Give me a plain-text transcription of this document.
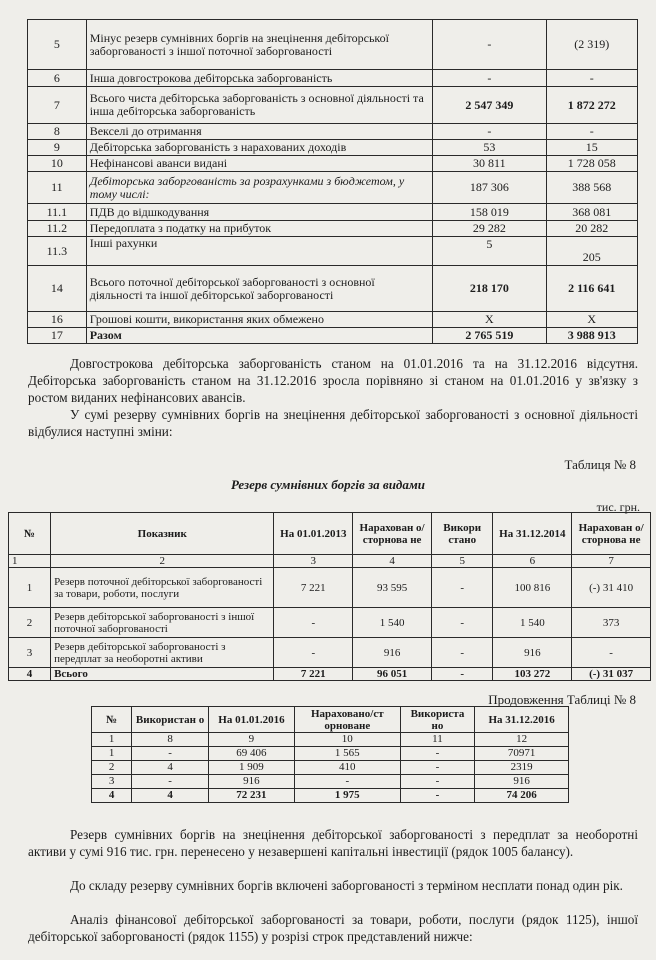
5	Мінус резерв сумнівних боргів на знецінення дебіторської заборгованості з іншої поточної заборгованості	-	(2 319)
6	Інша довгострокова дебіторська заборгованість	-	-
7	Всього чиста дебіторська заборгованість з основної діяльності та інша дебіторська заборгованість	2 547 349	1 872 272
8	Векселі до отримання	-	-
9	Дебіторська заборгованість з нарахованих доходів	53	15
10	Нефінансові аванси видані	30 811	1 728 058
11	Дебіторська заборгованість за розрахунками з бюджетом, у тому числі:	187 306	388 568
11.1	ПДВ до відшкодування	158 019	368 081
11.2	Передоплата з податку на прибуток	29 282	20 282
11.3	Інші рахунки	5	205
14	Всього поточної дебіторської заборгованості з основної діяльності та іншої дебіторської заборгованості	218 170	2 116 641
16	Грошові кошти, використання яких обмежено	X	X
17	Разом	2 765 519	3 988 913

Довгострокова дебіторська заборгованість станом на 01.01.2016 та на 31.12.2016 відсутня. Дебіторська заборгованість станом на 31.12.2016 зросла порівняно зі станом на 01.01.2016 у зв'язку з ростом виданих нефінансових авансів.

У сумі резерву сумнівних боргів на знецінення дебіторської заборгованості з основної діяльності відбулися наступні зміни:

Таблиця № 8
Резерв сумнівних боргів за видами
тис. грн.
№	Показник	На 01.01.2013	Нарахован о/сторнова не	Викори стано	На 31.12.2014	Нарахован о/сторнова не
1	2	3	4	5	6	7
1	Резерв поточної дебіторської заборгованості за товари, роботи, послуги	7 221	93 595	-	100 816	(-) 31 410
2	Резерв дебіторської заборгованості з іншої поточної заборгованості	-	1 540	-	1 540	373
3	Резерв дебіторської заборгованості з передплат за необоротні активи	-	916	-	916	-
4	Всього	7 221	96 051	-	103 272	(-) 31 037
Продовження Таблиці № 8
№	Використан о	На 01.01.2016	Нараховано/ст орноване	Використа но	На 31.12.2016
1	8	9	10	11	12
1	-	69 406	1 565	-	70971
2	4	1 909	410	-	2319
3	-	916	-	-	916
4	4	72 231	1 975	-	74 206

Резерв сумнівних боргів на знецінення дебіторської заборгованості з передплат за необоротні активи у сумі 916 тис. грн. перенесено у незавершені капітальні інвестиції (рядок 1005 балансу).

До складу резерву сумнівних боргів включені заборгованості з терміном несплати понад один рік.

Аналіз фінансової дебіторської заборгованості за товари, роботи, послуги (рядок 1125), іншої дебіторської заборгованості (рядок 1155) у розрізі строк представлений нижче:
